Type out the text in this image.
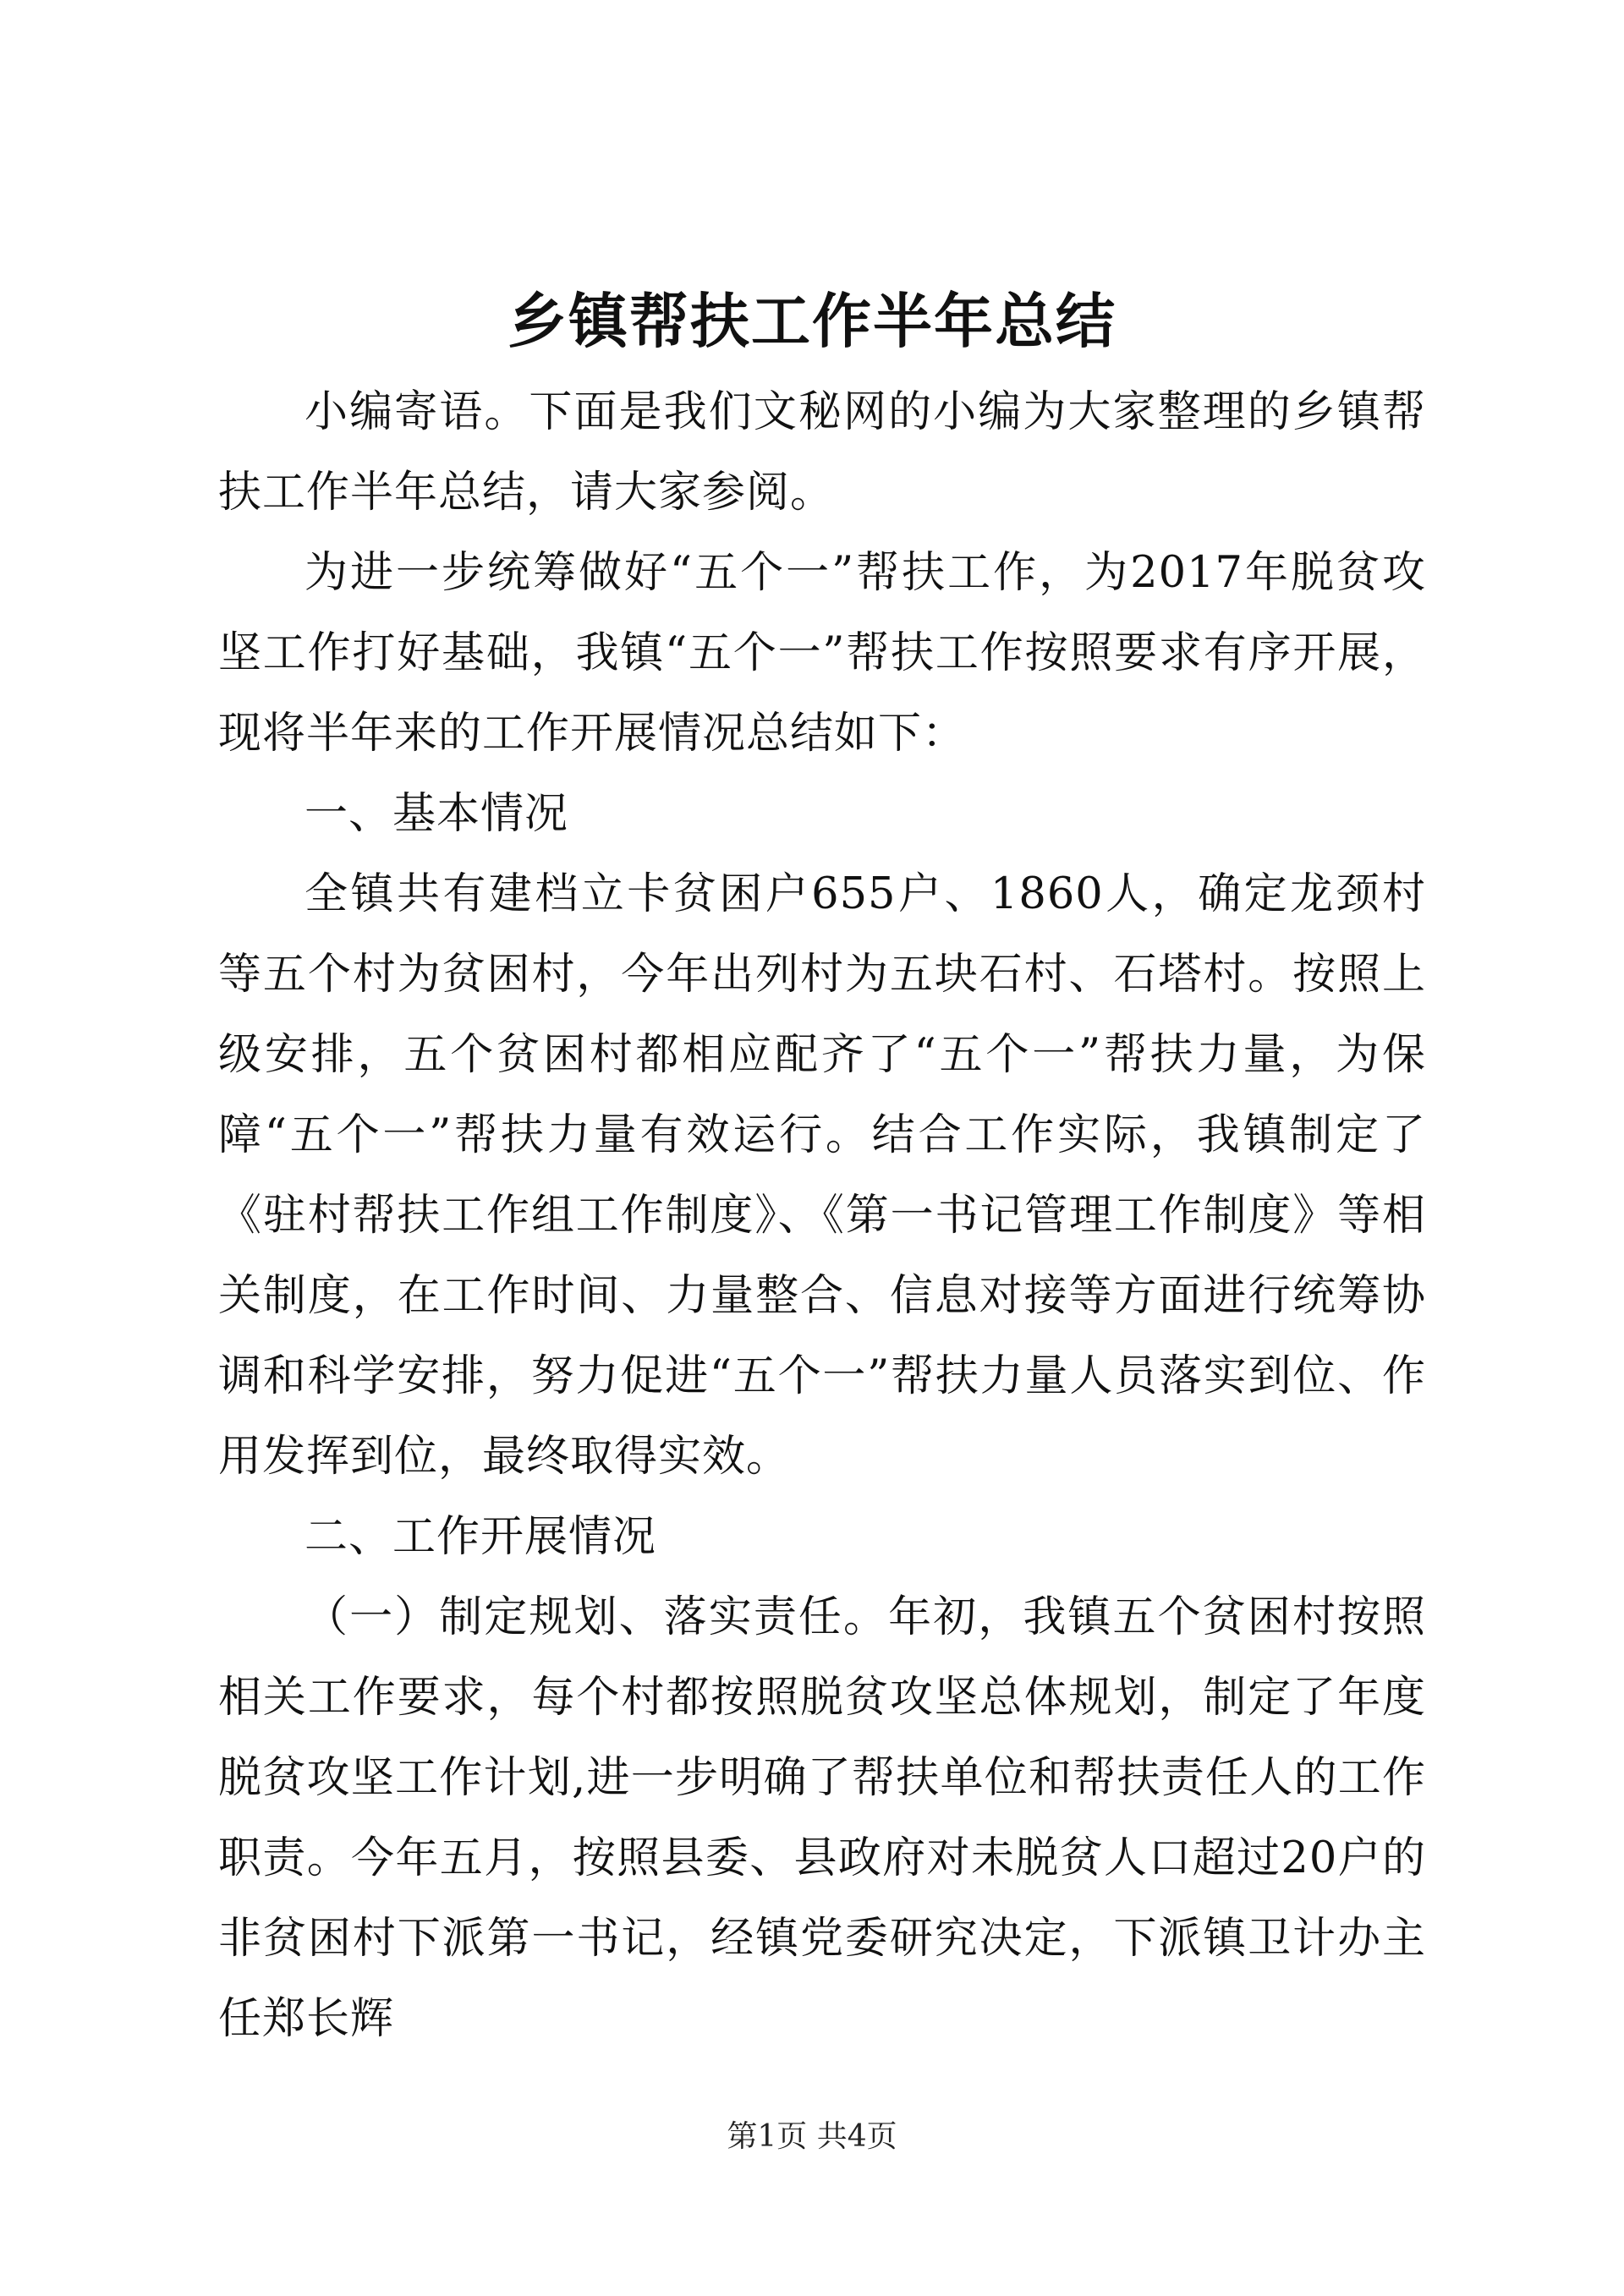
乡镇帮扶工作半年总结

小编寄语。下面是我们文秘网的小编为大家整理的乡镇帮扶工作半年总结，请大家参阅。

为进一步统筹做好“五个一”帮扶工作，为2017年脱贫攻坚工作打好基础，我镇“五个一”帮扶工作按照要求有序开展，现将半年来的工作开展情况总结如下：

一、基本情况

全镇共有建档立卡贫困户655户、1860人，确定龙颈村等五个村为贫困村，今年出列村为五块石村、石塔村。按照上级安排，五个贫困村都相应配齐了“五个一”帮扶力量，为保障“五个一”帮扶力量有效运行。结合工作实际，我镇制定了《驻村帮扶工作组工作制度》、《第一书记管理工作制度》等相关制度，在工作时间、力量整合、信息对接等方面进行统筹协调和科学安排，努力促进“五个一”帮扶力量人员落实到位、作用发挥到位，最终取得实效。

二、工作开展情况

（一）制定规划、落实责任。年初，我镇五个贫困村按照相关工作要求，每个村都按照脱贫攻坚总体规划，制定了年度脱贫攻坚工作计划,进一步明确了帮扶单位和帮扶责任人的工作职责。今年五月，按照县委、县政府对未脱贫人口超过20户的非贫困村下派第一书记，经镇党委研究决定，下派镇卫计办主任郑长辉

第1页 共4页
